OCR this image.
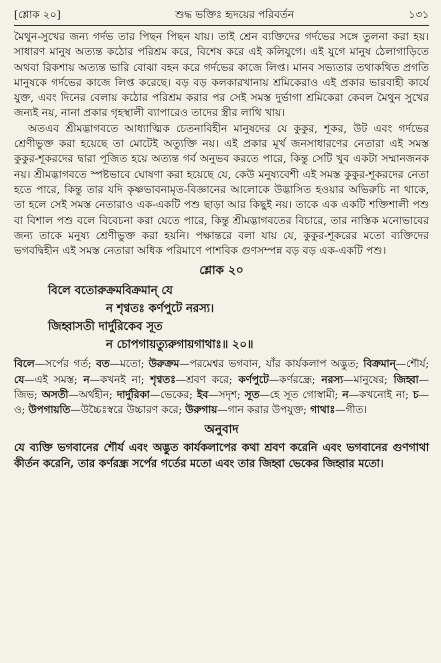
[শ্লোক ২০]	শুদ্ধ ভক্তিঃ হৃদয়ের পরিবর্তন	১৩১

মৈথুন-সুখের জন্য গর্দভ তার পিছন পিছন যায়। তাই শ্রেন ব্যক্তিদের গর্দভের সঙ্গে তুলনা করা হয়। সাধারণ মানুষ অত্যন্ত কঠোর পরিশ্রম করে, বিশেষ করে এই কলিযুগে। এই যুগে মানুষ ঠেলাগাড়িতে অথবা রিকশায় অত্যন্ত ভারি বোঝা বহন করে গর্দভের কাজে লিপ্ত। মানব সভ্যতার তথাকথিত প্রগতি মানুষকে গর্দভের কাজে লিপ্ত করেছে। বড় বড় কলকারখানায় শ্রমিকেরাও এই প্রকার ভারবাহী কার্যে যুক্ত, এবং দিনের বেলায় কঠোর পরিশ্রম করার পর সেই সমস্ত দুর্ভাগা শ্রমিকেরা কেবল মৈথুন সুখের জন্যই নয়, নানা প্রকার গৃহস্থালী ব্যাপারেও তাদের স্ত্রীর লাথি খায়।

অতএব শ্রীমদ্ভাগবতে আধ্যাত্মিক চেতনাবিহীন মানুষদের যে কুকুর, শূকর, উট এবং গর্দভের শ্রেণীভুক্ত করা হয়েছে তা মোটেই অত্যুক্তি নয়। এই প্রকার মূর্খ জনসাধারণের নেতারা এই সমস্ত কুকুর-শূকরদের দ্বারা পূজিত হয়ে অত্যন্ত গর্ব অনুভব করতে পারে, কিন্তু সেটি খুব একটা সম্মানজনক নয়। শ্রীমদ্ভাগবতে স্পষ্টভাবে ঘোষণা করা হয়েছে যে, কেউ মনুষ্যবেশী এই সমস্ত কুকুর-শূকরদের নেতা হতে পারে, কিন্তু তার যদি কৃষ্ণভাবনামৃত-বিজ্ঞানের আলোকে উদ্ভাসিত হওয়ার অভিরুচি না থাকে, তা হলে সেই সমস্ত নেতারাও এক-একটি পশু ছাড়া আর কিছুই নয়। তাকে এক একটি শক্তিশালী পশু বা বিশাল পশু বলে বিবেচনা করা যেতে পারে, কিন্তু শ্রীমদ্ভাগবতের বিচারে, তার নাস্তিক মনোভাবের জন্য তাকে মনুষ্য শ্রেণীভুক্ত করা হয়নি। পক্ষান্তরে বলা যায় যে, কুকুর-শূকরের মতো ব্যক্তিদের ভগবদ্বিহীন এই সমস্ত নেতারা অধিক পরিমাণে পাশবিক গুণসম্পন্ন বড় বড় এক-একটি পশু।

শ্লোক ২০
বিলে বতোরুক্রমবিক্রমান্ যে
ন শৃণ্বতঃ কর্ণপুটে নরস্য।
জিহ্বাসতী দার্দুরিকেব সূত
ন চোপগায়ত্যুরুগায়গাথাঃ॥ ২০॥
বিলে—সর্পের গর্ত; বত—মতো; উরুক্রম—পরমেশ্বর ভগবান, যাঁর কার্যকলাপ অদ্ভুত; বিক্রমান্—শৌর্য; যে—এই সমস্ত; ন—কখনই না; শৃণ্বতঃ—শ্রবণ করে; কর্ণপুটে—কর্ণরন্ধ্রে; নরস্য—মানুষের; জিহ্বা—জিভ; অসতী—অর্থহীন; দার্দুরিকা—ভেকের; ইব—সদৃশ; সূত—হে সূত গোস্বামী; ন—কখনোই না; চ—ও; উপগায়তি—উচ্চৈঃস্বরে উচ্চারণ করে; উরুগায়—গান করার উপযুক্ত; গাথাঃ—গীত।
অনুবাদ

যে ব্যক্তি ভগবানের শৌর্য এবং অদ্ভুত কার্যকলাপের কথা শ্রবণ করেনি এবং ভগবানের গুণগাথা কীর্তন করেনি, তার কর্ণরন্ধ্র সর্পের গর্তের মতো এবং তার জিহ্বা ভেকের জিহ্বার মতো।
